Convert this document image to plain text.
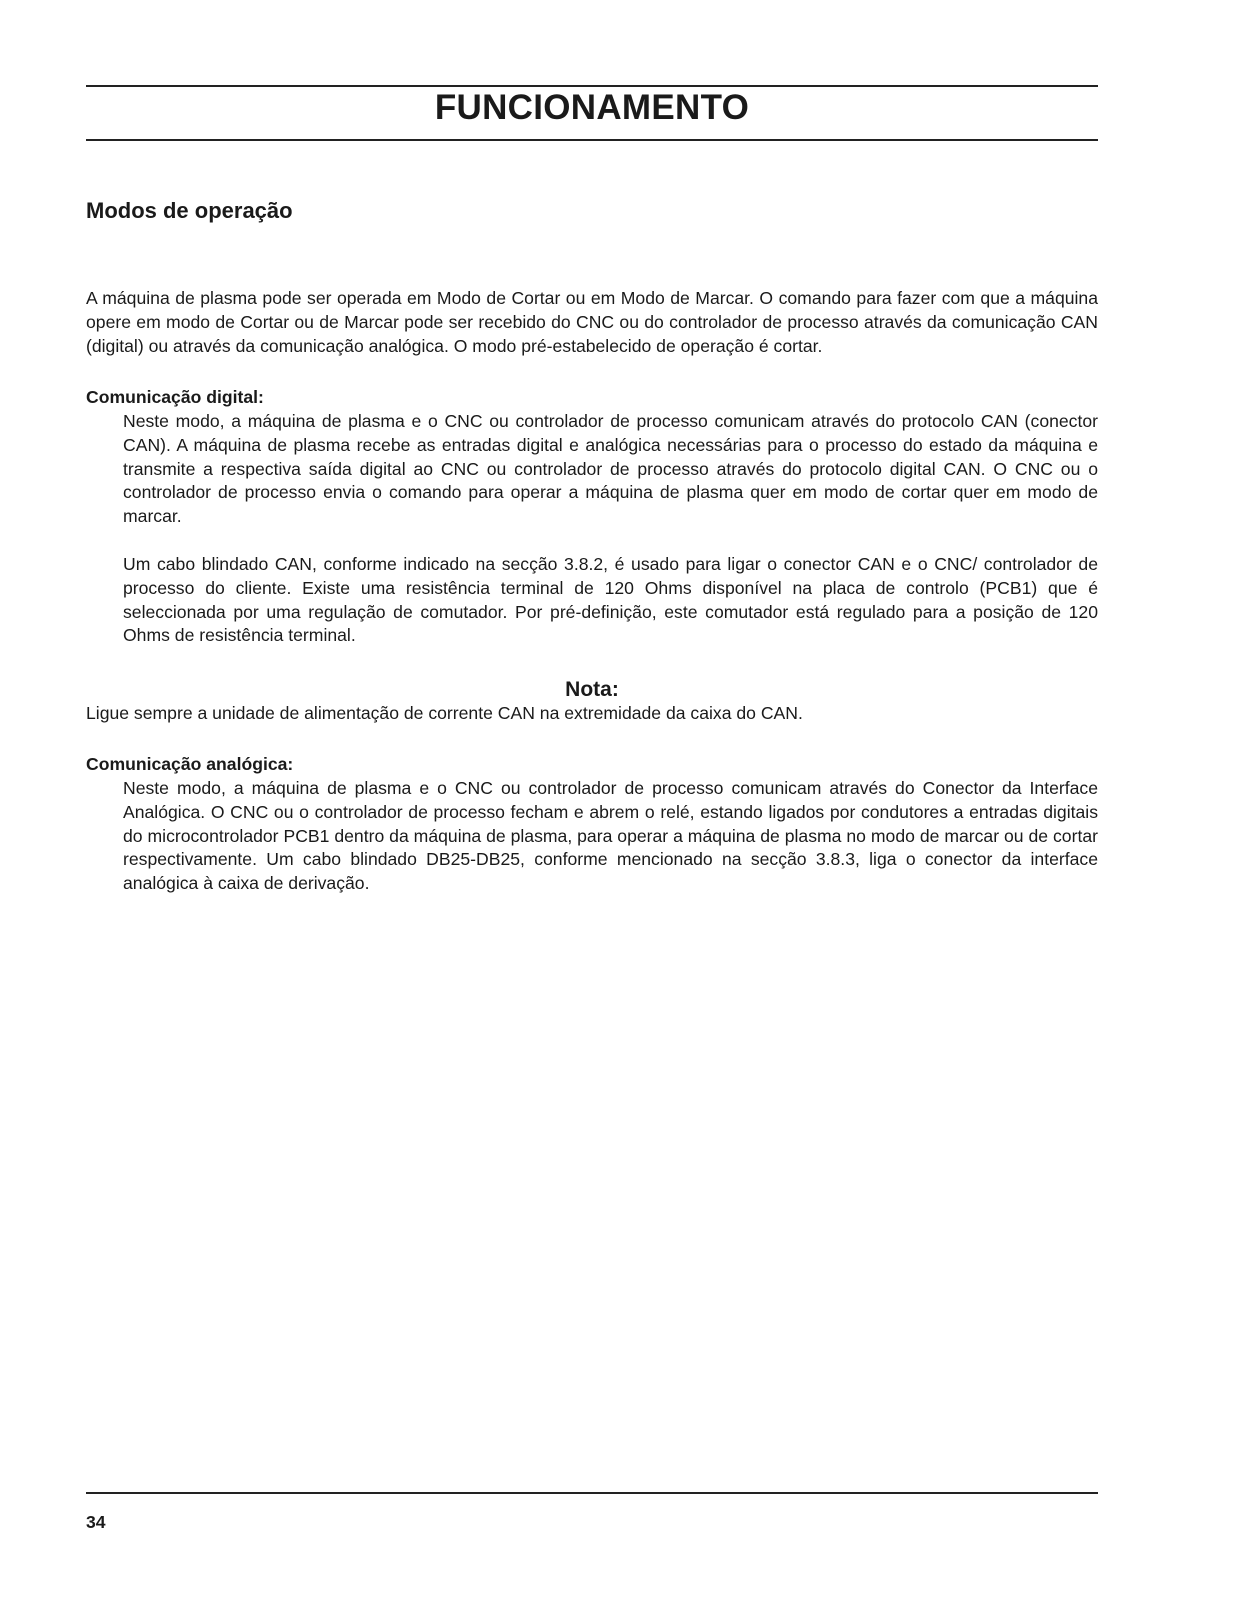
FUNCIONAMENTO
Modos de operação

A máquina de plasma pode ser operada em Modo de Cortar ou em Modo de Marcar. O comando para fazer com que a máquina opere em modo de Cortar ou de Marcar pode ser recebido do CNC ou do controlador de processo através da comunicação CAN (digital) ou através da comunicação analógica. O modo pré-estabelecido de operação é cortar.

Comunicação digital:

Neste modo, a máquina de plasma e o CNC ou controlador de processo comunicam através do protocolo CAN (conector CAN). A máquina de plasma recebe as entradas digital e analógica necessárias para o processo do estado da máquina e transmite a respectiva saída digital ao CNC ou controlador de processo através do protocolo digital CAN. O CNC ou o controlador de processo envia o comando para operar a máquina de plasma quer em modo de cortar quer em modo de marcar.

Um cabo blindado CAN, conforme indicado na secção 3.8.2, é usado para ligar o conector CAN e o CNC/ controlador de processo do cliente. Existe uma resistência terminal de 120 Ohms disponível na placa de controlo (PCB1) que é seleccionada por uma regulação de comutador. Por pré-definição, este comutador está regulado para a posição de 120 Ohms de resistência terminal.

Nota:

Ligue sempre a unidade de alimentação de corrente CAN na extremidade da caixa do CAN.

Comunicação analógica:

Neste modo, a máquina de plasma e o CNC ou controlador de processo comunicam através do Conector da Interface Analógica. O CNC ou o controlador de processo fecham e abrem o relé, estando ligados por condutores a entradas digitais do microcontrolador PCB1 dentro da máquina de plasma, para operar a máquina de plasma no modo de marcar ou de cortar respectivamente. Um cabo blindado DB25-DB25, conforme mencionado na secção 3.8.3, liga o conector da interface analógica à caixa de derivação.

34
